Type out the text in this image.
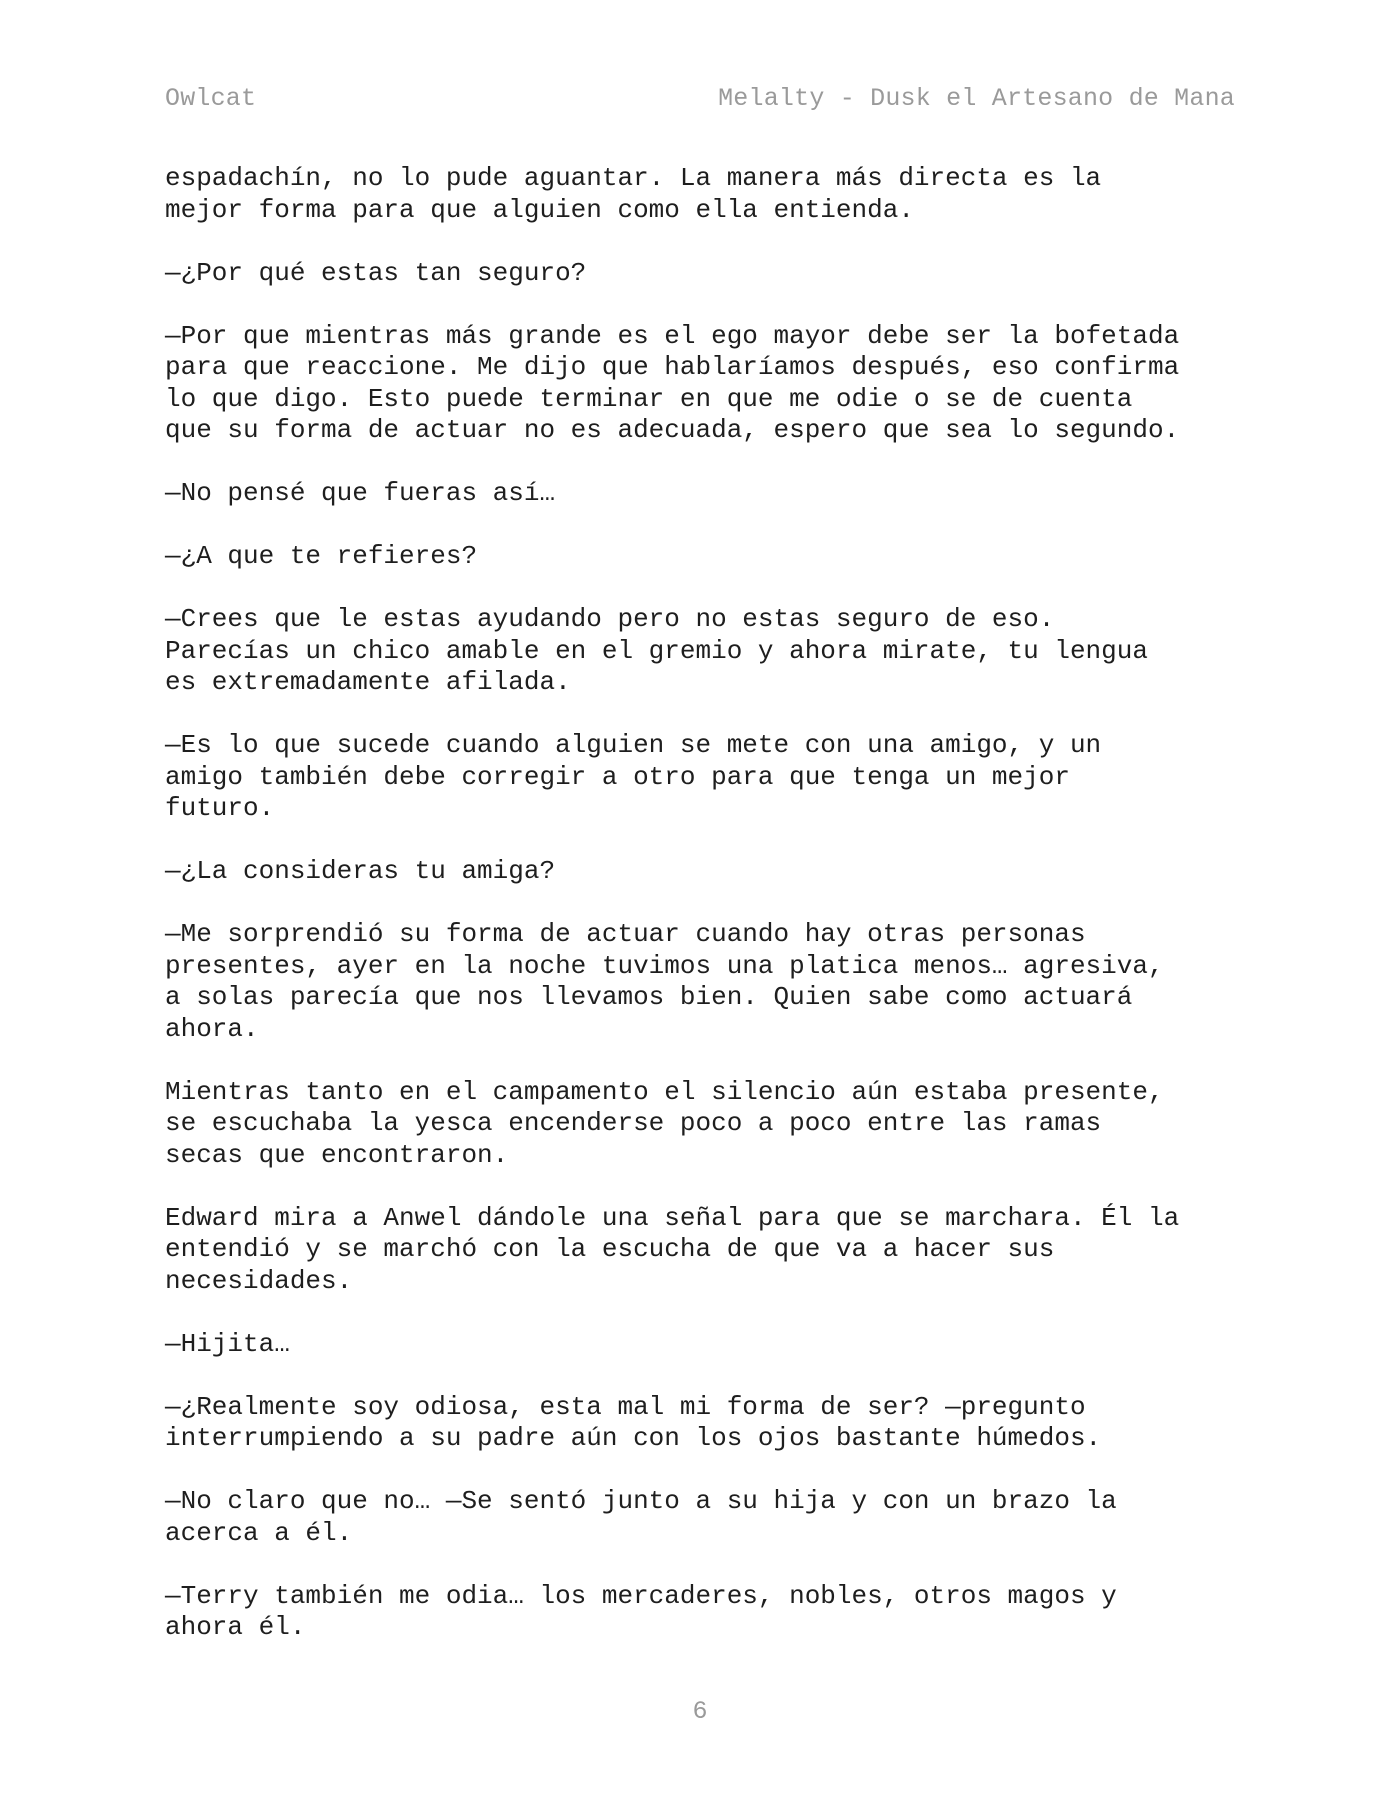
Owlcat	Melalty - Dusk el Artesano de Mana

espadachín, no lo pude aguantar. La manera más directa es la
mejor forma para que alguien como ella entienda.

—¿Por qué estas tan seguro?

—Por que mientras más grande es el ego mayor debe ser la bofetada
para que reaccione. Me dijo que hablaríamos después, eso confirma
lo que digo. Esto puede terminar en que me odie o se de cuenta
que su forma de actuar no es adecuada, espero que sea lo segundo.

—No pensé que fueras así…

—¿A que te refieres?

—Crees que le estas ayudando pero no estas seguro de eso.
Parecías un chico amable en el gremio y ahora mirate, tu lengua
es extremadamente afilada.

—Es lo que sucede cuando alguien se mete con una amigo, y un
amigo también debe corregir a otro para que tenga un mejor
futuro.

—¿La consideras tu amiga?

—Me sorprendió su forma de actuar cuando hay otras personas
presentes, ayer en la noche tuvimos una platica menos… agresiva,
a solas parecía que nos llevamos bien. Quien sabe como actuará
ahora.

Mientras tanto en el campamento el silencio aún estaba presente,
se escuchaba la yesca encenderse poco a poco entre las ramas
secas que encontraron.

Edward mira a Anwel dándole una señal para que se marchara. Él la
entendió y se marchó con la escucha de que va a hacer sus
necesidades.

—Hijita…

—¿Realmente soy odiosa, esta mal mi forma de ser? —pregunto
interrumpiendo a su padre aún con los ojos bastante húmedos.

—No claro que no… —Se sentó junto a su hija y con un brazo la
acerca a él.

—Terry también me odia… los mercaderes, nobles, otros magos y
ahora él.

6
